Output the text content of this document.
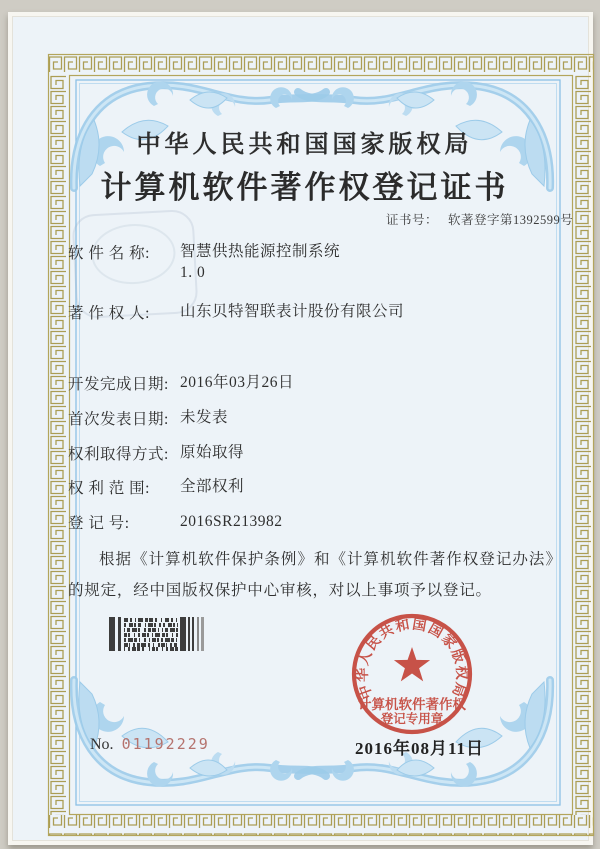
中华人民共和国国家版权局
计算机软件著作权登记证书
证书号： 软著登字第1392599号
软 件 名 称:	智慧供热能源控制系统
1. 0
著 作 权 人:	山东贝特智联表计股份有限公司
开发完成日期: 2016年03月26日
首次发表日期: 未发表
权利取得方式: 原始取得
权 利 范 围:	全部权利
登 记 号:	2016SR213982
根据《计算机软件保护条例》和《计算机软件著作权登记办法》的规定，经中国版权保护中心审核，对以上事项予以登记。
No. 01192229	2016年08月11日
中华人民共和国国家版权局
计算机软件著作权
登记专用章
